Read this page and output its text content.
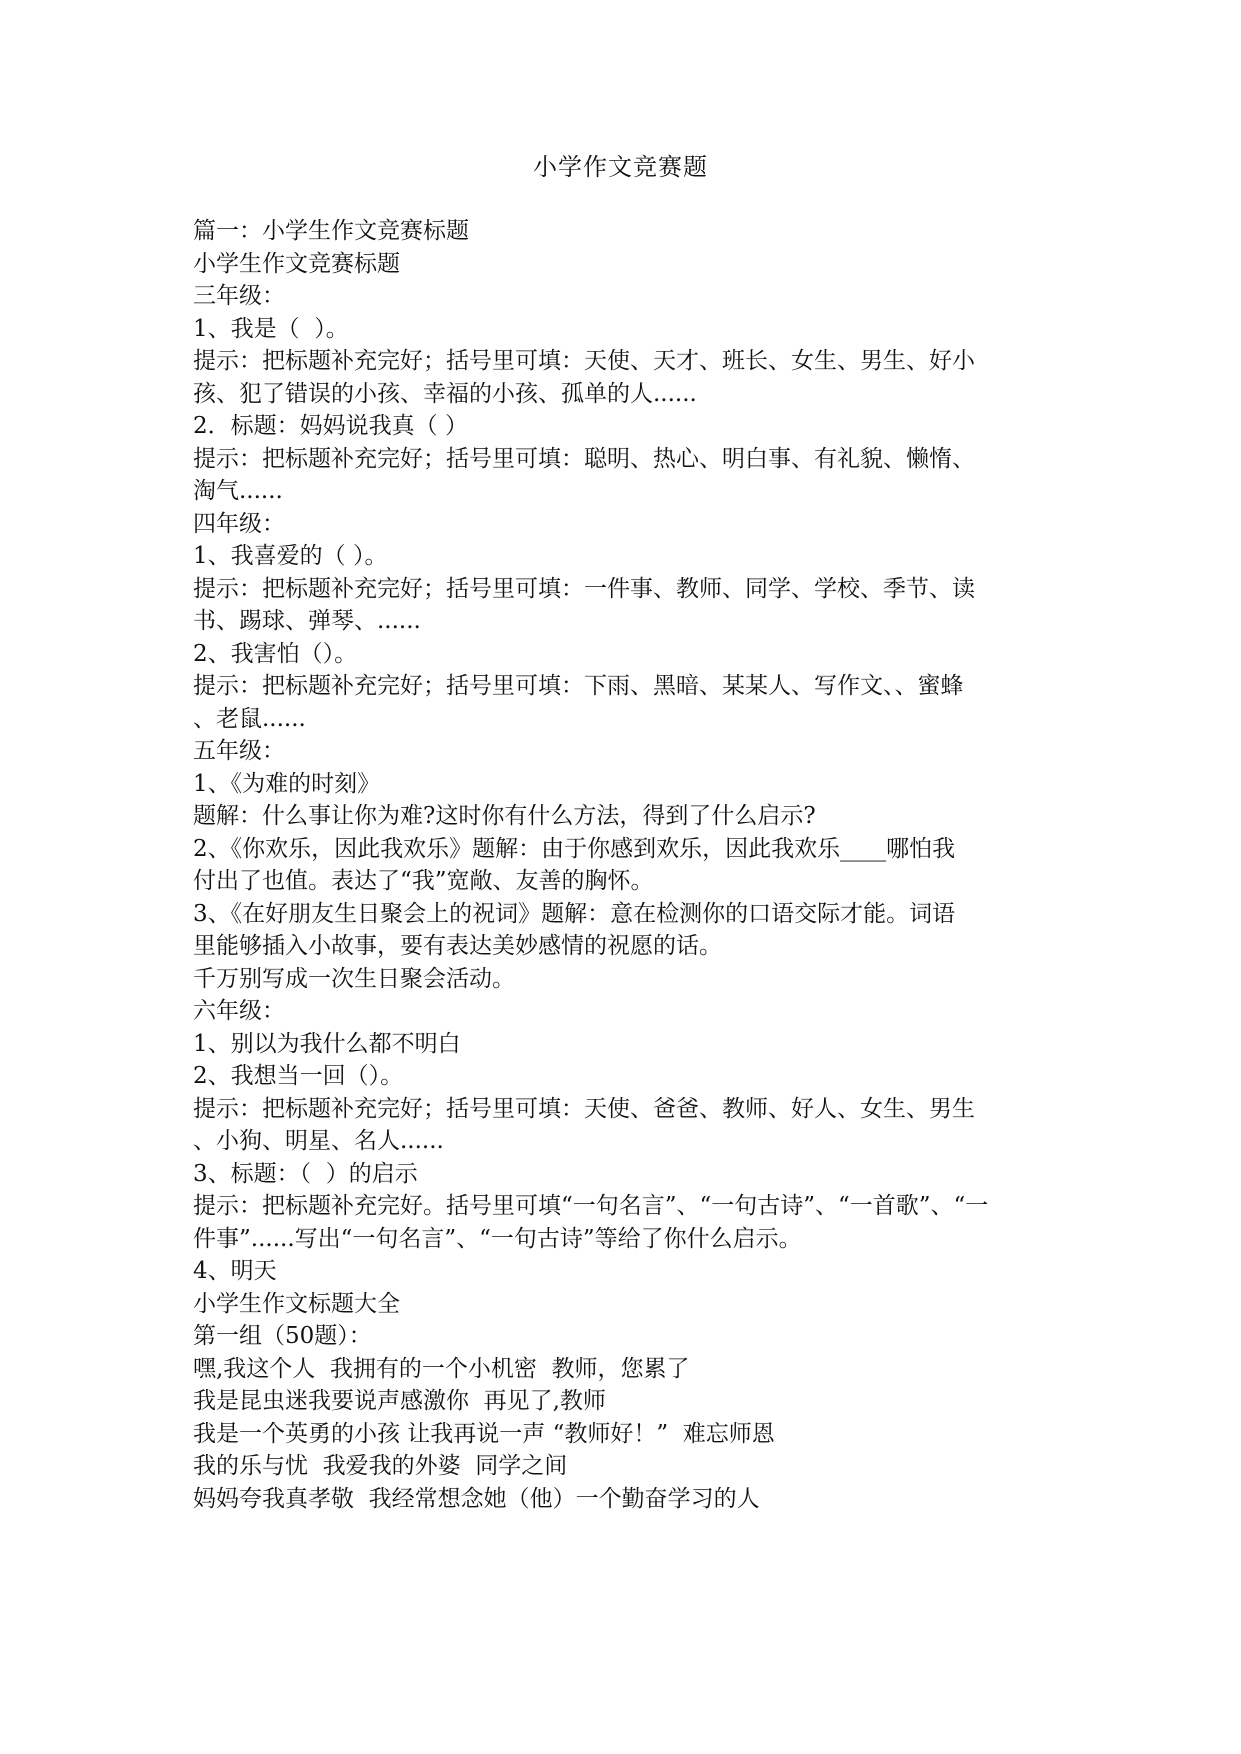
小学作文竞赛题
篇一：小学生作文竞赛标题
小学生作文竞赛标题
三年级：
1、我是（  ）。
提示：把标题补充完好；括号里可填：天使、天才、班长、女生、男生、好小
孩、犯了错误的小孩、幸福的小孩、孤单的人......
2．标题：妈妈说我真（ ）
提示：把标题补充完好；括号里可填：聪明、热心、明白事、有礼貌、懒惰、
淘气......
四年级：
1、我喜爱的（ ）。
提示：把标题补充完好；括号里可填：一件事、教师、同学、学校、季节、读
书、踢球、弹琴、......
2、我害怕（）。
提示：把标题补充完好；括号里可填：下雨、黑暗、某某人、写作文、、蜜蜂
、老鼠......
五年级：
1、《为难的时刻》
题解：什么事让你为难?这时你有什么方法，得到了什么启示?
2、《你欢乐，因此我欢乐》题解：由于你感到欢乐，因此我欢乐____哪怕我
付出了也值。表达了“我”宽敞、友善的胸怀。
3、《在好朋友生日聚会上的祝词》题解：意在检测你的口语交际才能。词语
里能够插入小故事，要有表达美妙感情的祝愿的话。
千万别写成一次生日聚会活动。
六年级：
1、别以为我什么都不明白
2、我想当一回（）。
提示：把标题补充完好；括号里可填：天使、爸爸、教师、好人、女生、男生
、小狗、明星、名人......
3、标题：（  ）的启示
提示：把标题补充完好。括号里可填“一句名言”、“一句古诗”、“一首歌”、“一
件事”......写出“一句名言”、“一句古诗”等给了你什么启示。
4、明天
小学生作文标题大全
第一组（50题）：
嘿,我这个人  我拥有的一个小机密  教师，您累了
我是昆虫迷我要说声感激你  再见了,教师
我是一个英勇的小孩 让我再说一声 “教师好！”  难忘师恩
我的乐与忧  我爱我的外婆  同学之间
妈妈夸我真孝敬  我经常想念她（他）一个勤奋学习的人
